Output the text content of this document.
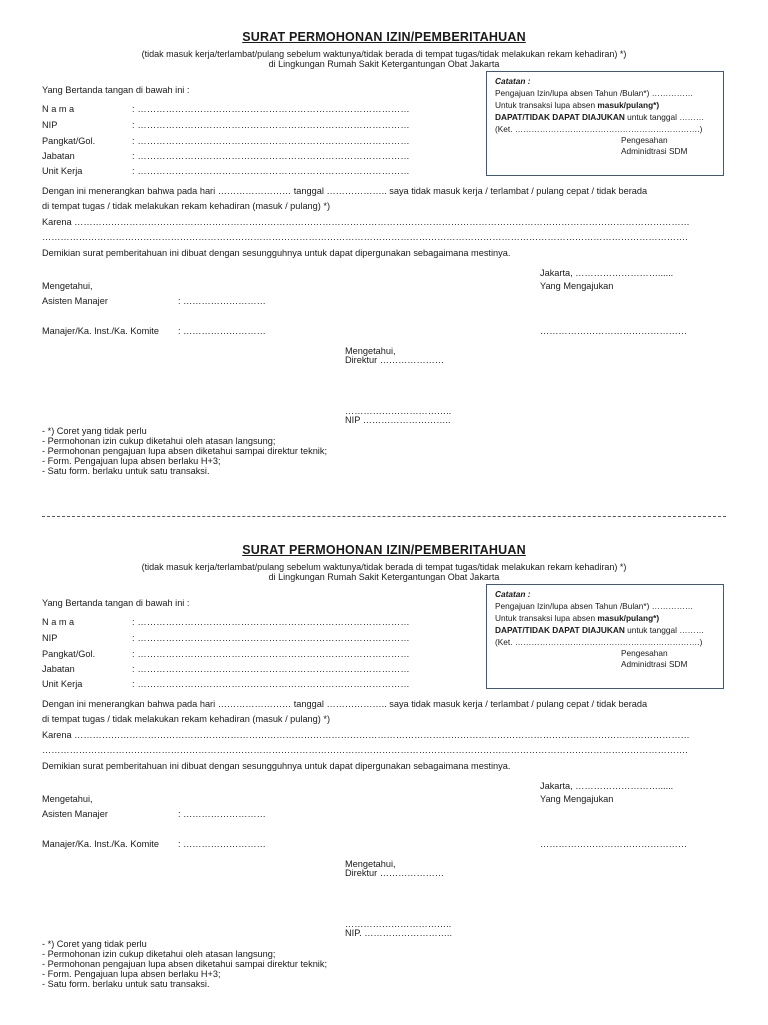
SURAT PERMOHONAN IZIN/PEMBERITAHUAN
(tidak masuk kerja/terlambat/pulang sebelum waktunya/tidak berada di tempat tugas/tidak melakukan rekam kehadiran) *)
di Lingkungan Rumah Sakit Ketergantungan Obat Jakarta
Yang Bertanda tangan di bawah ini :
N a m a	: ……………………………………………………………………………
NIP	: ……………………………………………………………………………
Pangkat/Gol.	: ……………………………………………………………………………
Jabatan	: ……………………………………………………………………………
Unit Kerja	: ……………………………………………………………………………
Catatan :
Pengajuan Izin/lupa absen Tahun /Bulan*) ……………
Untuk transaksi lupa absen masuk/pulang*)
DAPAT/TIDAK DAPAT DIAJUKAN untuk tanggal ………
(Ket. ………………………………………………………….)
Pengesahan
Adminidtrasi SDM
Dengan ini menerangkan bahwa pada hari …………………… tanggal ……………….. saya tidak masuk kerja / terlambat / pulang cepat / tidak berada
di tempat tugas / tidak melakukan rekam kehadiran (masuk / pulang) *)
Karena …………………………………………………………………………………………………………………………………………………………………………………
………………………………………………………………………………………………………………………………………………………………………………………….
Demikian surat pemberitahuan ini dibuat dengan sesungguhnya untuk dapat dipergunakan sebagaimana mestinya.
Jakarta, ………………………......
Mengetahui,	Yang Mengajukan
Asisten Manajer	: ………………………
Manajer/Ka. Inst./Ka. Komite : ………………………	…………………………………………
Mengetahui,
Direktur …………………
……………………………..
NIP ………………………..
- *) Coret yang tidak perlu
- Permohonan izin cukup diketahui oleh atasan langsung;
- Permohonan pengajuan lupa absen diketahui sampai direktur teknik;
- Form. Pengajuan lupa absen berlaku H+3;
- Satu form. berlaku untuk satu transaksi.
SURAT PERMOHONAN IZIN/PEMBERITAHUAN
(tidak masuk kerja/terlambat/pulang sebelum waktunya/tidak berada di tempat tugas/tidak melakukan rekam kehadiran) *)
di Lingkungan Rumah Sakit Ketergantungan Obat Jakarta
Yang Bertanda tangan di bawah ini :
N a m a	: ……………………………………………………………………………
NIP	: ……………………………………………………………………………
Pangkat/Gol.	: ……………………………………………………………………………
Jabatan	: ……………………………………………………………………………
Unit Kerja	: ……………………………………………………………………………
Catatan :
Pengajuan Izin/lupa absen Tahun /Bulan*) ……………
Untuk transaksi lupa absen masuk/pulang*)
DAPAT/TIDAK DAPAT DIAJUKAN untuk tanggal ………
(Ket. ………………………………………………………….)
Pengesahan
Adminidtrasi SDM
Dengan ini menerangkan bahwa pada hari …………………… tanggal ……………….. saya tidak masuk kerja / terlambat / pulang cepat / tidak berada
di tempat tugas / tidak melakukan rekam kehadiran (masuk / pulang) *)
Karena …………………………………………………………………………………………………………………………………………………………………………………
………………………………………………………………………………………………………………………………………………………………………………………….
Demikian surat pemberitahuan ini dibuat dengan sesungguhnya untuk dapat dipergunakan sebagaimana mestinya.
Jakarta, ………………………......
Mengetahui,	Yang Mengajukan
Asisten Manajer	: ………………………
Manajer/Ka. Inst./Ka. Komite : ………………………	…………………………………………
Mengetahui,
Direktur …………………
……………………………..
NIP. ………………………..
- *) Coret yang tidak perlu
- Permohonan izin cukup diketahui oleh atasan langsung;
- Permohonan pengajuan lupa absen diketahui sampai direktur teknik;
- Form. Pengajuan lupa absen berlaku H+3;
- Satu form. berlaku untuk satu transaksi.
